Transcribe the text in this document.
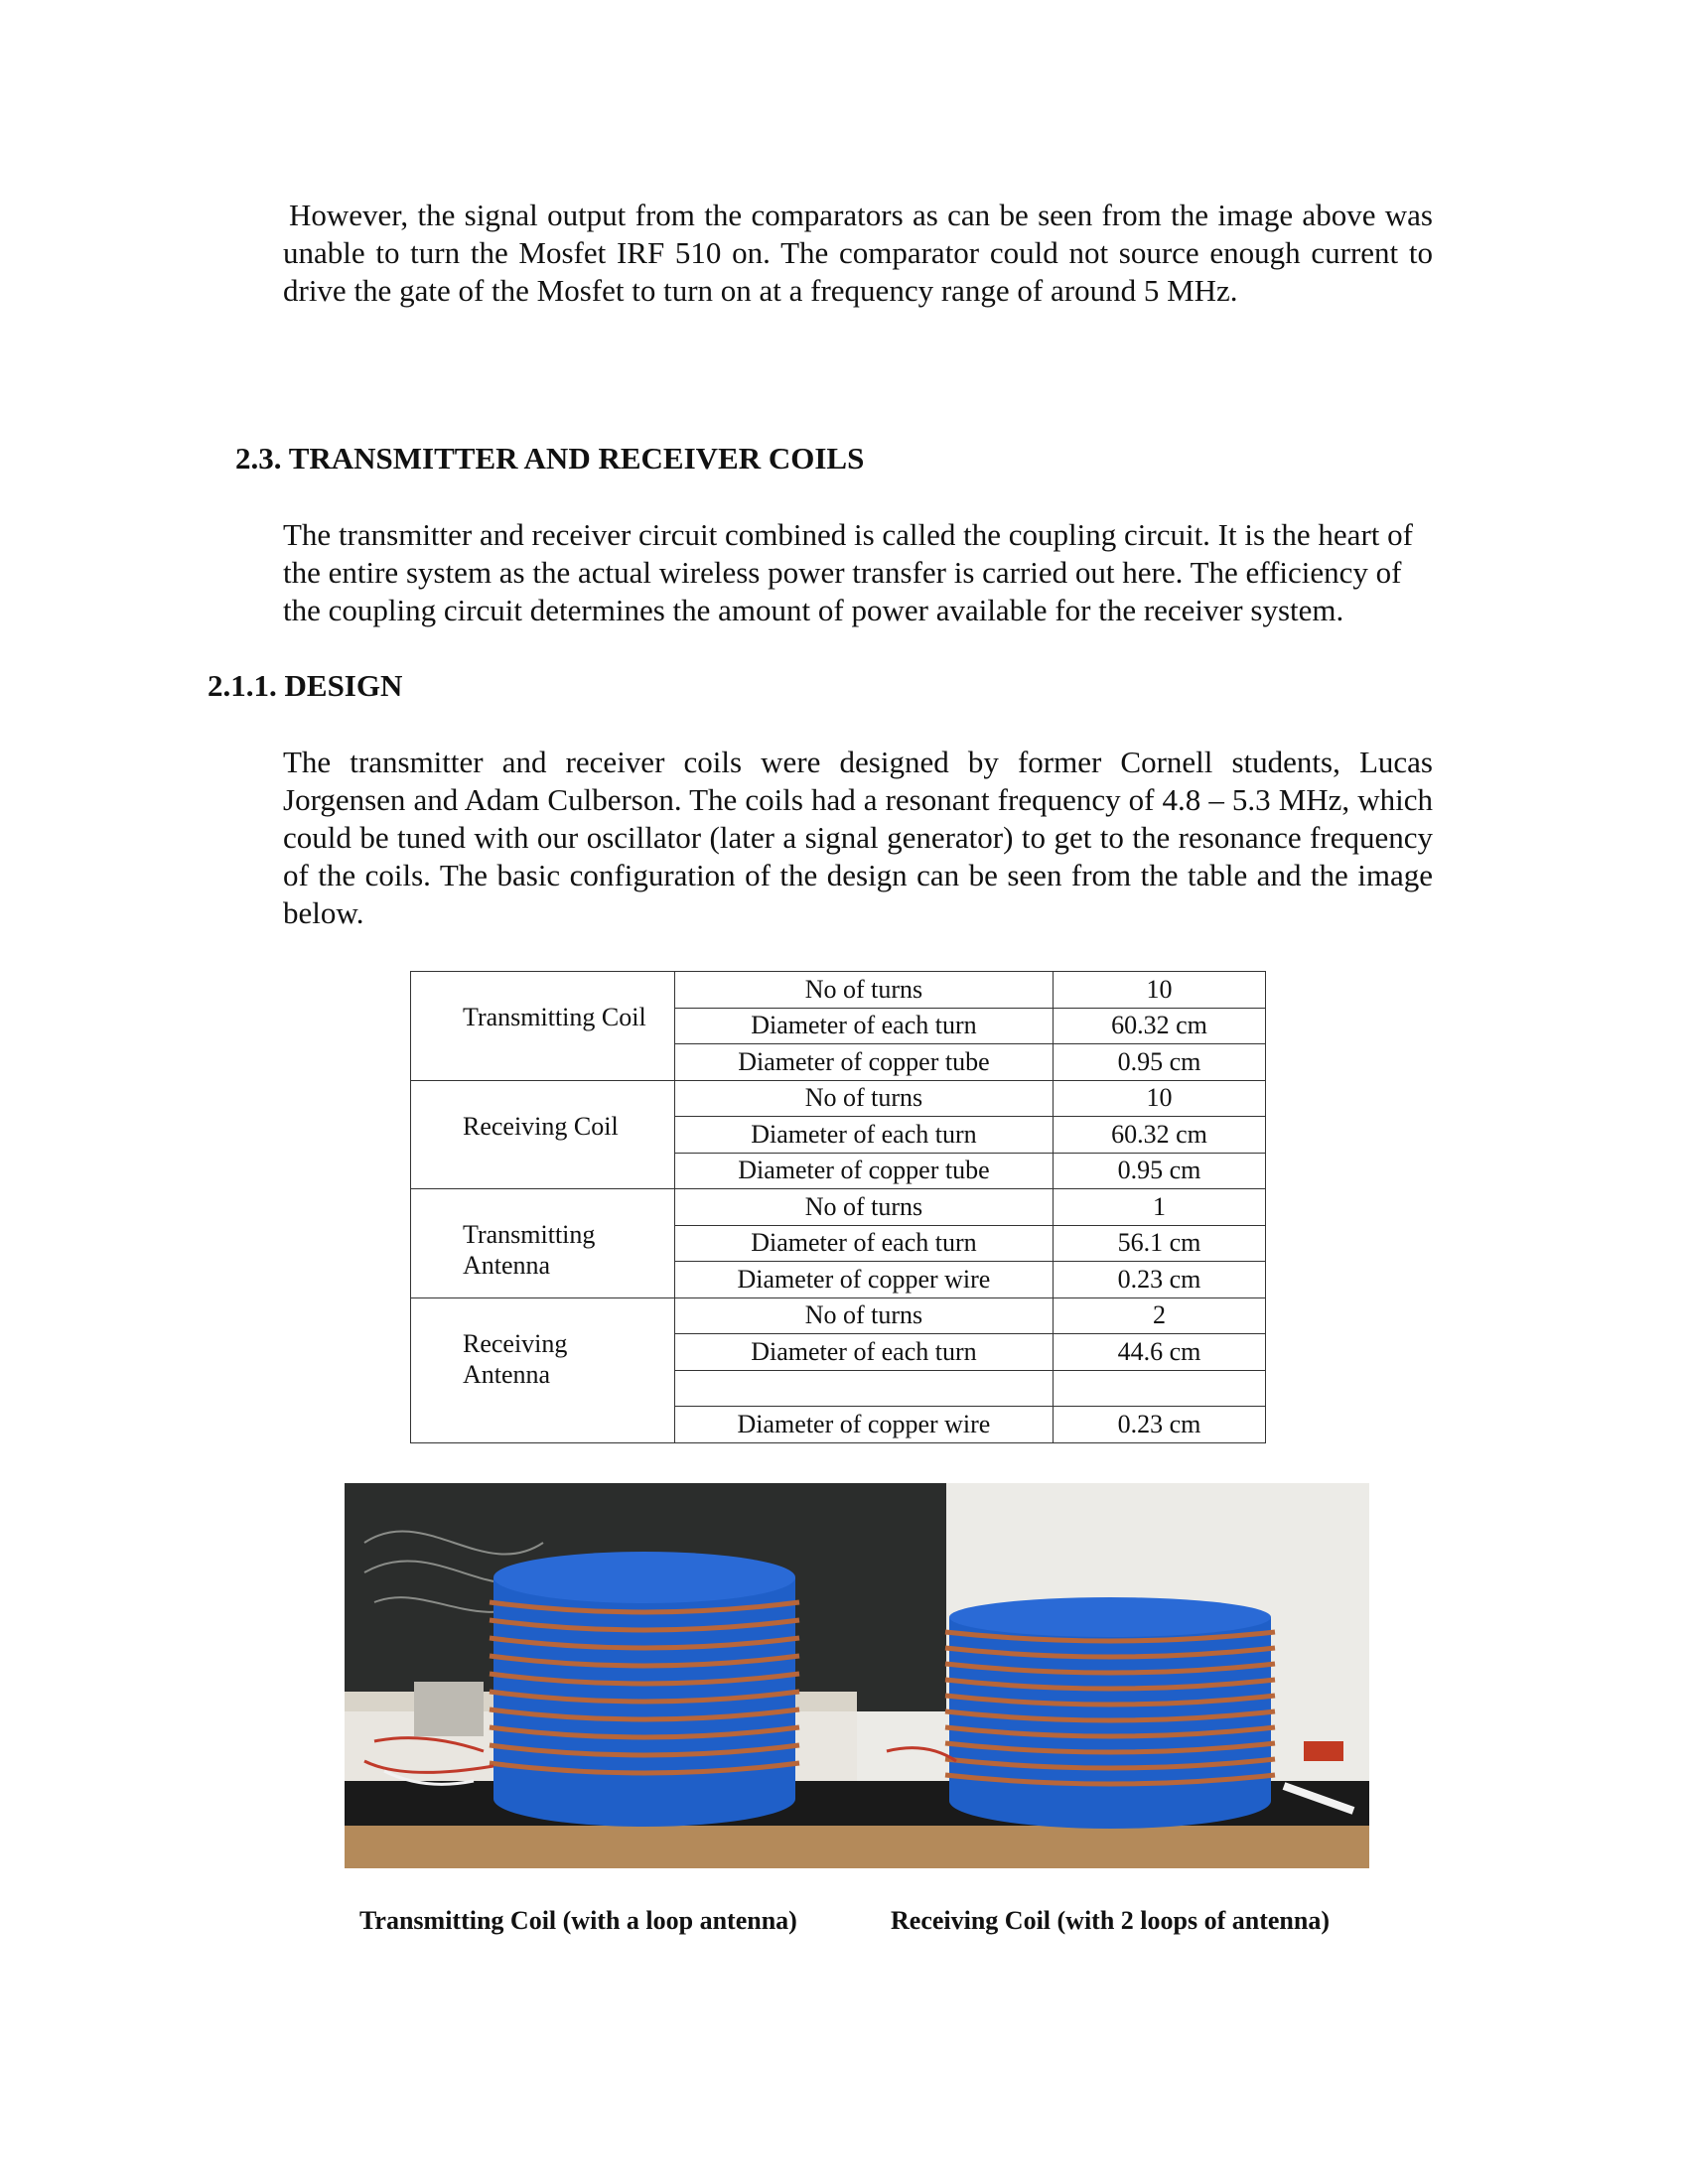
However, the signal output from the comparators as can be seen from the image above was unable to turn the Mosfet IRF 510 on. The comparator could not source enough current to drive the gate of the Mosfet to turn on at a frequency range of around 5 MHz.

2.3. TRANSMITTER AND RECEIVER COILS

The transmitter and receiver circuit combined is called the coupling circuit. It is the heart of the entire system as the actual wireless power transfer is carried out here. The efficiency of the coupling circuit determines the amount of power available for the receiver system.

2.1.1. DESIGN

The transmitter and receiver coils were designed by former Cornell students, Lucas Jorgensen and Adam Culberson. The coils had a resonant frequency of 4.8 – 5.3 MHz, which could be tuned with our oscillator (later a signal generator) to get to the resonance frequency of the coils. The basic configuration of the design can be seen from the table and the image below.

Transmitting Coil	No of turns	10
	Diameter of each turn	60.32 cm
	Diameter of copper tube	0.95 cm
Receiving Coil	No of turns	10
	Diameter of each turn	60.32 cm
	Diameter of copper tube	0.95 cm
Transmitting Antenna	No of turns	1
	Diameter of each turn	56.1 cm
	Diameter of copper wire	0.23 cm
Receiving Antenna	No of turns	2
	Diameter of each turn	44.6 cm

	Diameter of copper wire	0.23 cm
Transmitting Coil (with a loop antenna)	Receiving Coil (with 2 loops of antenna)
